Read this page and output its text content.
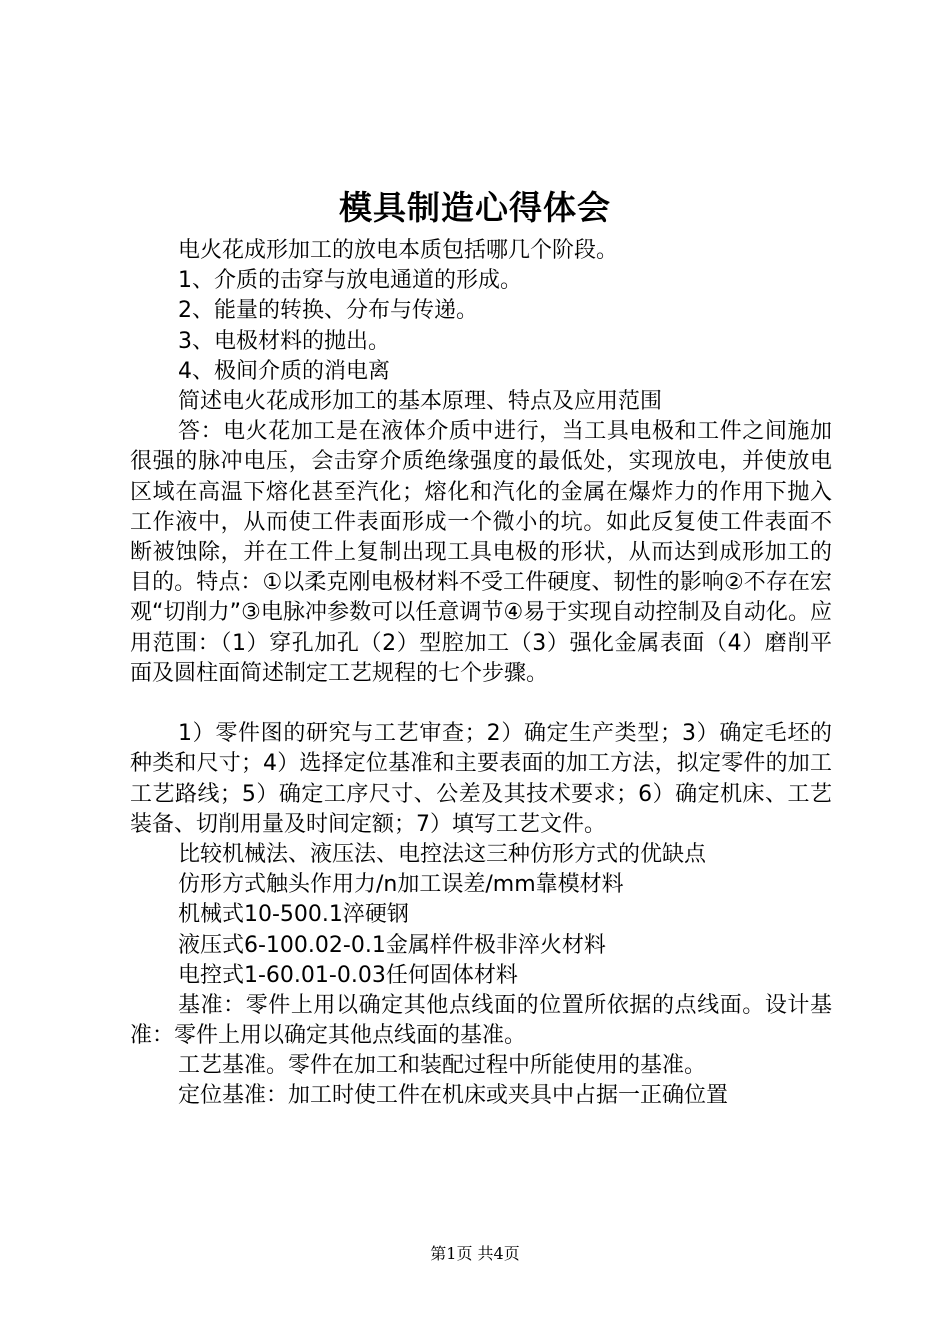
模具制造心得体会
电火花成形加工的放电本质包括哪几个阶段。
1、介质的击穿与放电通道的形成。
2、能量的转换、分布与传递。
3、电极材料的抛出。
4、极间介质的消电离
简述电火花成形加工的基本原理、特点及应用范围
答：电火花加工是在液体介质中进行，当工具电极和工件之间施加很强的脉冲电压，会击穿介质绝缘强度的最低处，实现放电，并使放电区域在高温下熔化甚至汽化；熔化和汽化的金属在爆炸力的作用下抛入工作液中，从而使工件表面形成一个微小的坑。如此反复使工件表面不断被蚀除，并在工件上复制出现工具电极的形状，从而达到成形加工的目的。特点：①以柔克刚电极材料不受工件硬度、韧性的影响②不存在宏观“切削力”③电脉冲参数可以任意调节④易于实现自动控制及自动化。应用范围：（1）穿孔加孔（2）型腔加工（3）强化金属表面（4）磨削平面及圆柱面简述制定工艺规程的七个步骤。
1）零件图的研究与工艺审查；2）确定生产类型；3）确定毛坯的种类和尺寸；4）选择定位基准和主要表面的加工方法，拟定零件的加工工艺路线；5）确定工序尺寸、公差及其技术要求；6）确定机床、工艺装备、切削用量及时间定额；7）填写工艺文件。
比较机械法、液压法、电控法这三种仿形方式的优缺点
仿形方式触头作用力/n加工误差/mm靠模材料
机械式10-500.1淬硬钢
液压式6-100.02-0.1金属样件极非淬火材料
电控式1-60.01-0.03任何固体材料
基准：零件上用以确定其他点线面的位置所依据的点线面。设计基准：零件上用以确定其他点线面的基准。
工艺基准。零件在加工和装配过程中所能使用的基准。
定位基准：加工时使工件在机床或夹具中占据一正确位置
第1页 共4页
